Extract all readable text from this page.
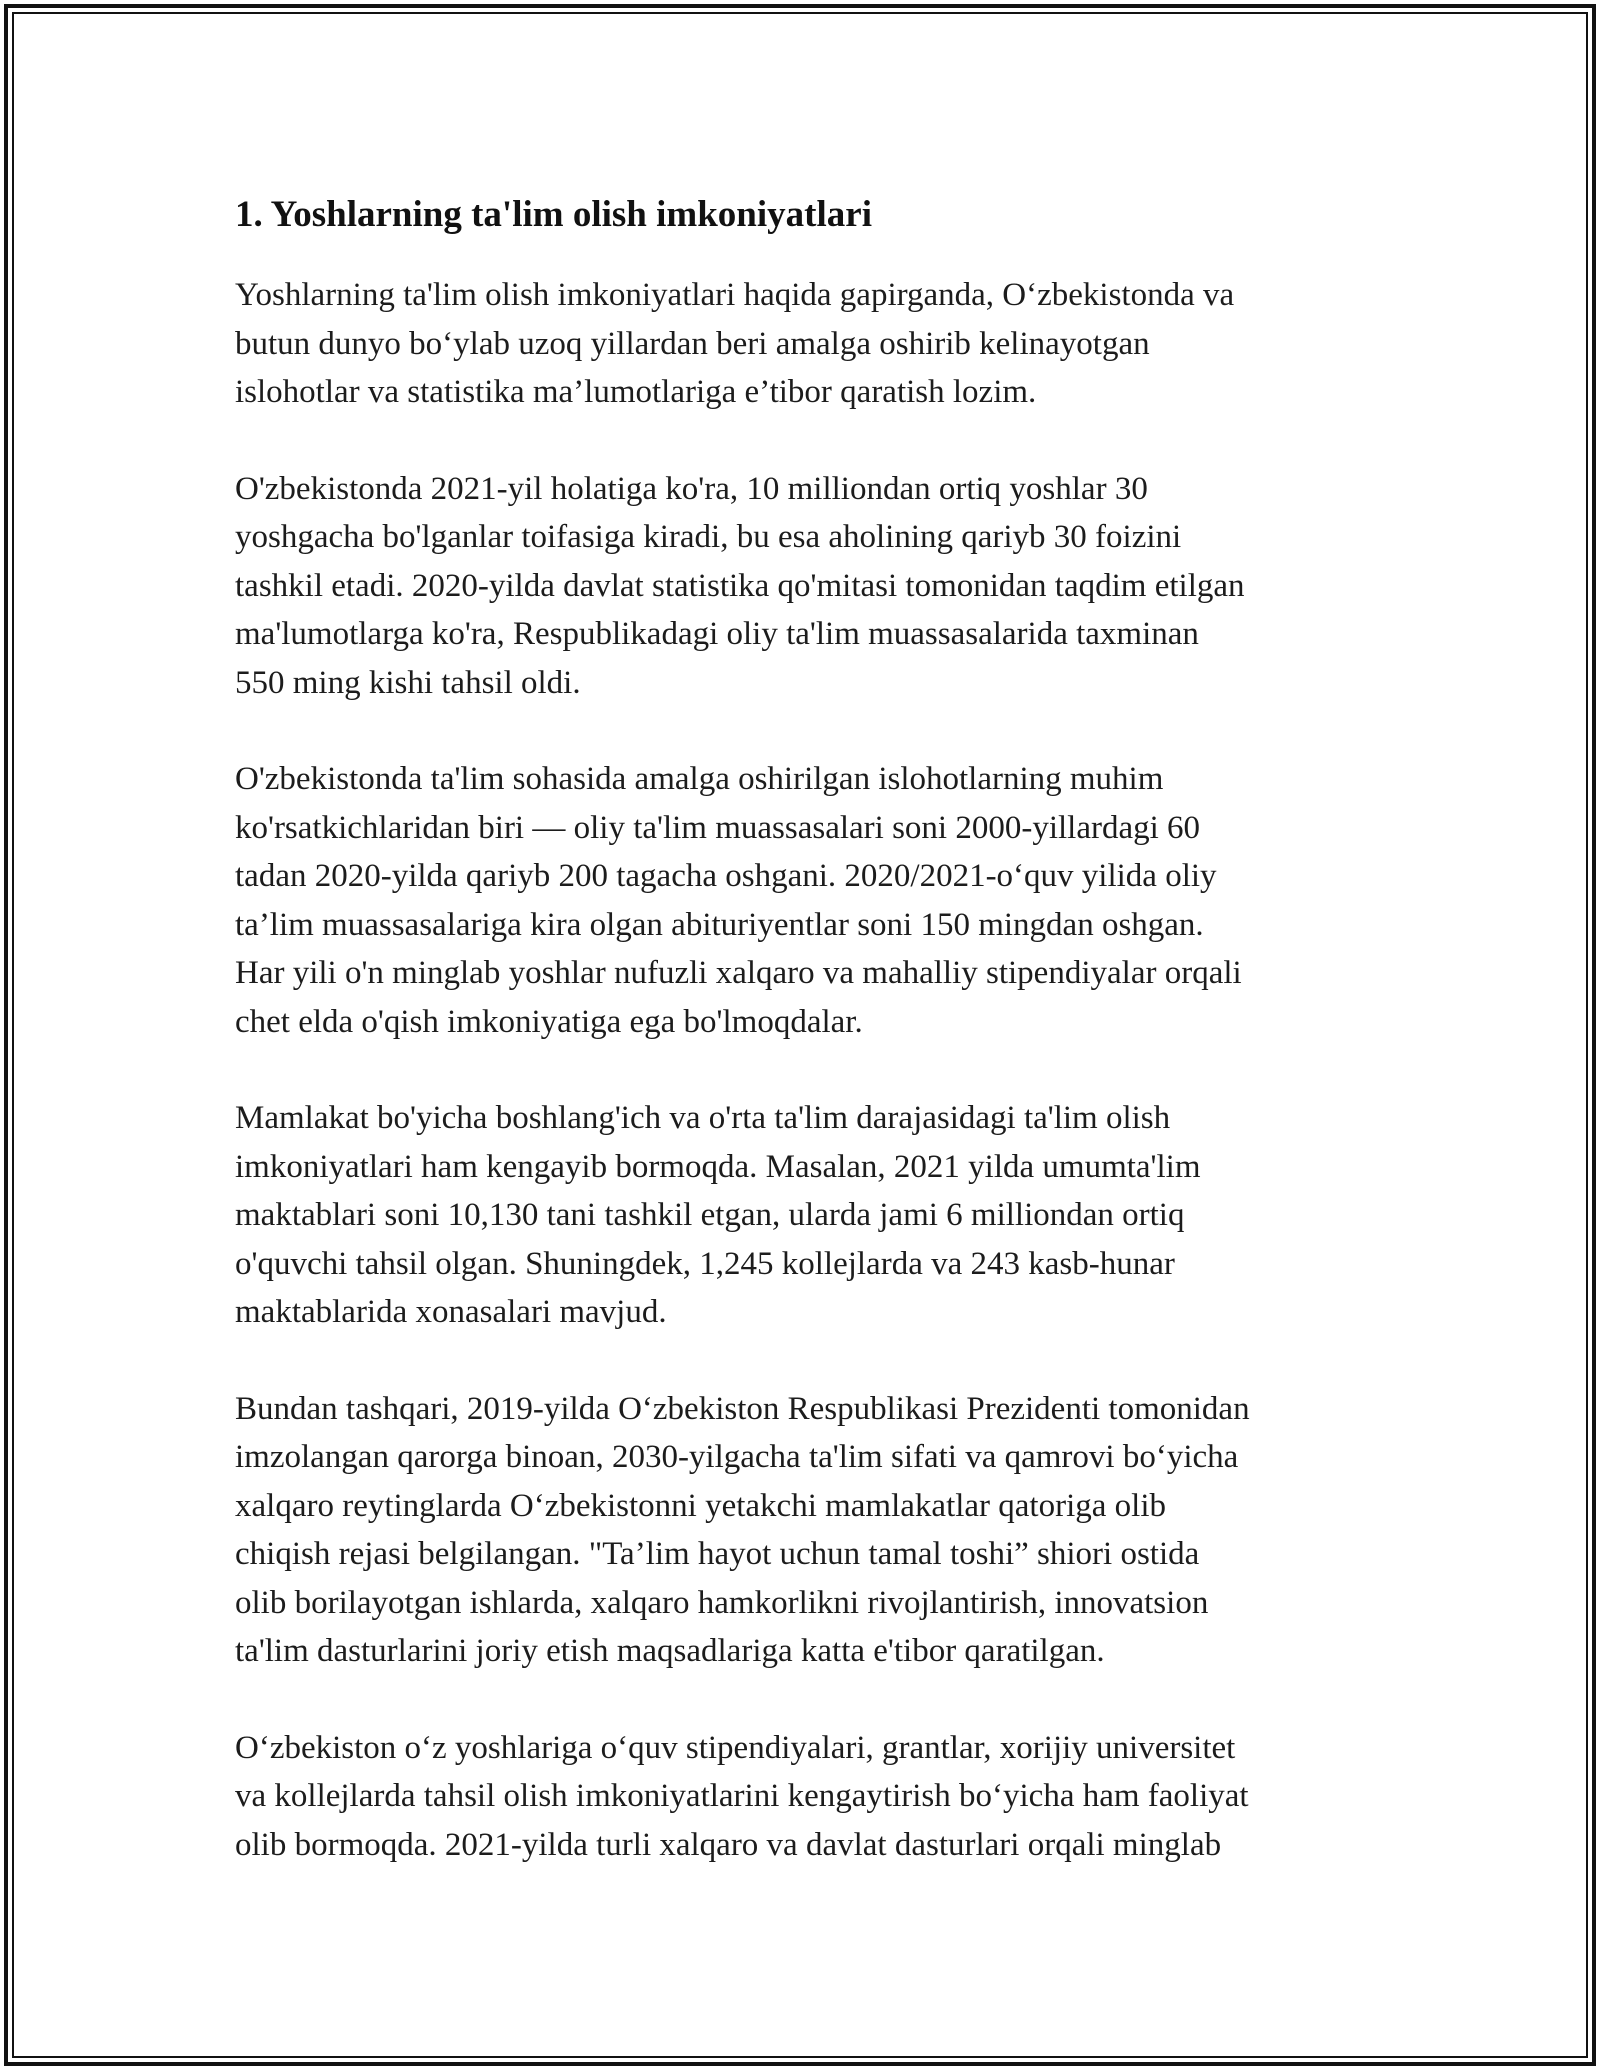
1. Yoshlarning ta'lim olish imkoniyatlari

Yoshlarning ta'lim olish imkoniyatlari haqida gapirganda, O‘zbekistonda va
butun dunyo bo‘ylab uzoq yillardan beri amalga oshirib kelinayotgan
islohotlar va statistika ma’lumotlariga e’tibor qaratish lozim.

O'zbekistonda 2021-yil holatiga ko'ra, 10 milliondan ortiq yoshlar 30
yoshgacha bo'lganlar toifasiga kiradi, bu esa aholining qariyb 30 foizini
tashkil etadi. 2020-yilda davlat statistika qo'mitasi tomonidan taqdim etilgan
ma'lumotlarga ko'ra, Respublikadagi oliy ta'lim muassasalarida taxminan
550 ming kishi tahsil oldi.

O'zbekistonda ta'lim sohasida amalga oshirilgan islohotlarning muhim
ko'rsatkichlaridan biri — oliy ta'lim muassasalari soni 2000-yillardagi 60
tadan 2020-yilda qariyb 200 tagacha oshgani. 2020/2021-o‘quv yilida oliy
ta’lim muassasalariga kira olgan abituriyentlar soni 150 mingdan oshgan.
Har yili o'n minglab yoshlar nufuzli xalqaro va mahalliy stipendiyalar orqali
chet elda o'qish imkoniyatiga ega bo'lmoqdalar.

Mamlakat bo'yicha boshlang'ich va o'rta ta'lim darajasidagi ta'lim olish
imkoniyatlari ham kengayib bormoqda. Masalan, 2021 yilda umumta'lim
maktablari soni 10,130 tani tashkil etgan, ularda jami 6 milliondan ortiq
o'quvchi tahsil olgan. Shuningdek, 1,245 kollejlarda va 243 kasb-hunar
maktablarida xonasalari mavjud.

Bundan tashqari, 2019-yilda O‘zbekiston Respublikasi Prezidenti tomonidan
imzolangan qarorga binoan, 2030-yilgacha ta'lim sifati va qamrovi bo‘yicha
xalqaro reytinglarda O‘zbekistonni yetakchi mamlakatlar qatoriga olib
chiqish rejasi belgilangan. "Ta’lim hayot uchun tamal toshi” shiori ostida
olib borilayotgan ishlarda, xalqaro hamkorlikni rivojlantirish, innovatsion
ta'lim dasturlarini joriy etish maqsadlariga katta e'tibor qaratilgan.

O‘zbekiston o‘z yoshlariga o‘quv stipendiyalari, grantlar, xorijiy universitet
va kollejlarda tahsil olish imkoniyatlarini kengaytirish bo‘yicha ham faoliyat
olib bormoqda. 2021-yilda turli xalqaro va davlat dasturlari orqali minglab
